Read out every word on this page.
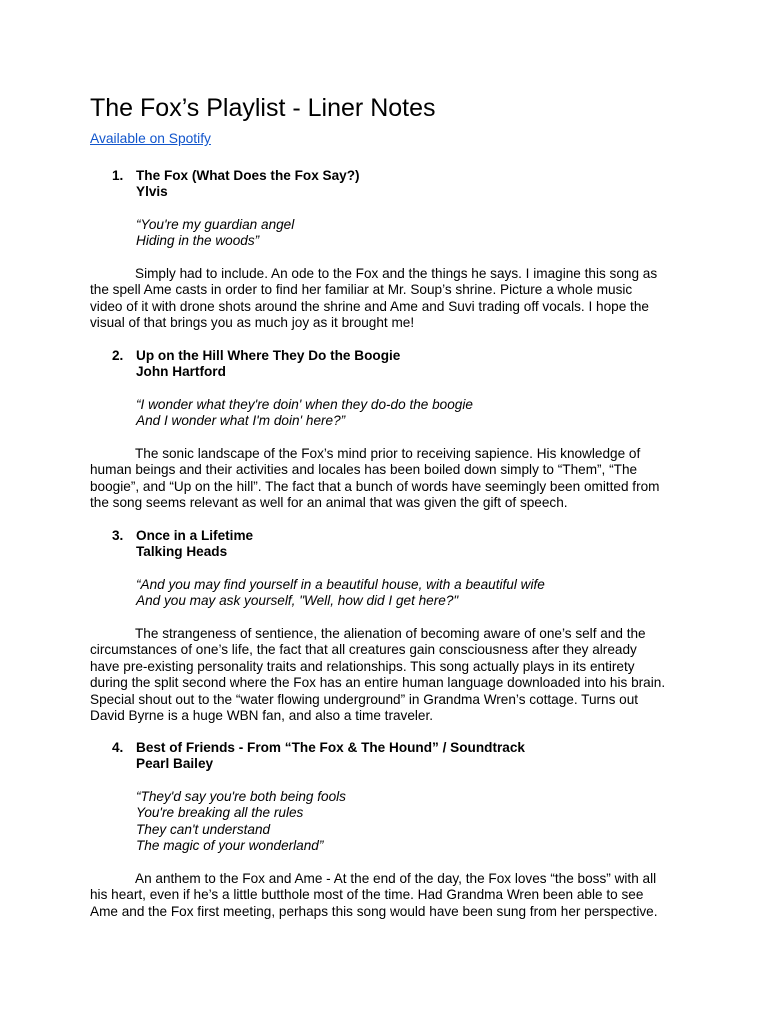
The Fox’s Playlist - Liner Notes
Available on Spotify
1. The Fox (What Does the Fox Say?)
Ylvis
“You're my guardian angel
Hiding in the woods”
Simply had to include. An ode to the Fox and the things he says. I imagine this song as
the spell Ame casts in order to find her familiar at Mr. Soup’s shrine. Picture a whole music
video of it with drone shots around the shrine and Ame and Suvi trading off vocals. I hope the
visual of that brings you as much joy as it brought me!
2. Up on the Hill Where They Do the Boogie
John Hartford
“I wonder what they're doin' when they do-do the boogie
And I wonder what I'm doin' here?”
The sonic landscape of the Fox’s mind prior to receiving sapience. His knowledge of
human beings and their activities and locales has been boiled down simply to “Them”, “The
boogie”, and “Up on the hill”. The fact that a bunch of words have seemingly been omitted from
the song seems relevant as well for an animal that was given the gift of speech.
3. Once in a Lifetime
Talking Heads
“And you may find yourself in a beautiful house, with a beautiful wife
And you may ask yourself, "Well, how did I get here?"
The strangeness of sentience, the alienation of becoming aware of one’s self and the
circumstances of one’s life, the fact that all creatures gain consciousness after they already
have pre-existing personality traits and relationships. This song actually plays in its entirety
during the split second where the Fox has an entire human language downloaded into his brain.
Special shout out to the “water flowing underground” in Grandma Wren’s cottage. Turns out
David Byrne is a huge WBN fan, and also a time traveler.
4. Best of Friends - From “The Fox & The Hound” / Soundtrack
Pearl Bailey
“They'd say you're both being fools
You're breaking all the rules
They can't understand
The magic of your wonderland”
An anthem to the Fox and Ame - At the end of the day, the Fox loves “the boss” with all
his heart, even if he’s a little butthole most of the time. Had Grandma Wren been able to see
Ame and the Fox first meeting, perhaps this song would have been sung from her perspective.
